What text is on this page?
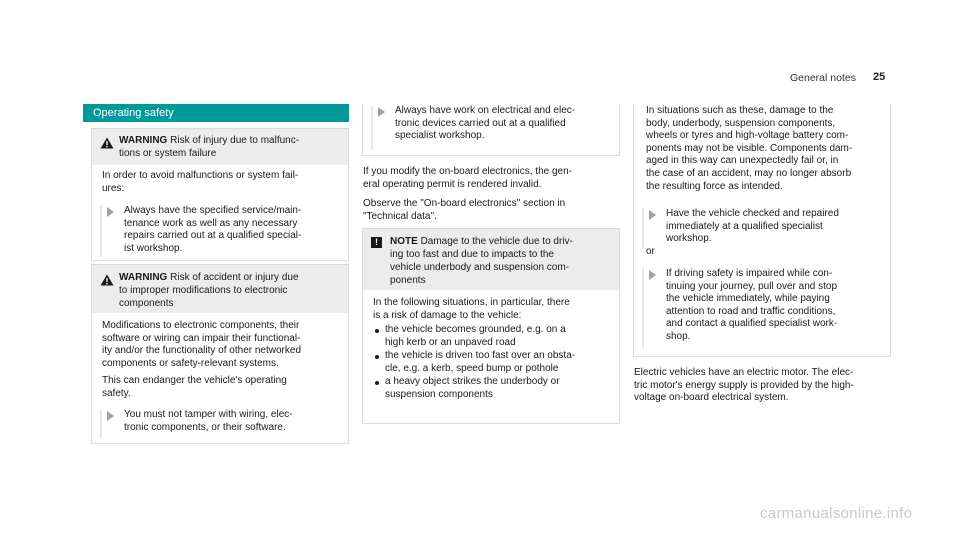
General notes 25
Operating safety
WARNING Risk of injury due to malfunc-
tions or system failure
In order to avoid malfunctions or system fail-
ures:
Always have the specified service/main-
tenance work as well as any necessary
repairs carried out at a qualified special-
ist workshop.
WARNING Risk of accident or injury due
to improper modifications to electronic
components
Modifications to electronic components, their
software or wiring can impair their functional-
ity and/or the functionality of other networked
components or safety-relevant systems.
This can endanger the vehicle's operating
safety.
You must not tamper with wiring, elec-
tronic components, or their software.
Always have work on electrical and elec-
tronic devices carried out at a qualified
specialist workshop.
If you modify the on-board electronics, the gen-
eral operating permit is rendered invalid.
Observe the "On-board electronics" section in
"Technical data".
!	NOTE Damage to the vehicle due to driv-
ing too fast and due to impacts to the
vehicle underbody and suspension com-
ponents
In the following situations, in particular, there
is a risk of damage to the vehicle:
the vehicle becomes grounded, e.g. on a
high kerb or an unpaved road
the vehicle is driven too fast over an obsta-
cle, e.g. a kerb, speed bump or pothole
a heavy object strikes the underbody or
suspension components
In situations such as these, damage to the
body, underbody, suspension components,
wheels or tyres and high-voltage battery com-
ponents may not be visible. Components dam-
aged in this way can unexpectedly fail or, in
the case of an accident, may no longer absorb
the resulting force as intended.
Have the vehicle checked and repaired
immediately at a qualified specialist
workshop.
or
If driving safety is impaired while con-
tinuing your journey, pull over and stop
the vehicle immediately, while paying
attention to road and traffic conditions,
and contact a qualified specialist work-
shop.
Electric vehicles have an electric motor. The elec-
tric motor's energy supply is provided by the high-
voltage on-board electrical system.
carmanualsonline.info
